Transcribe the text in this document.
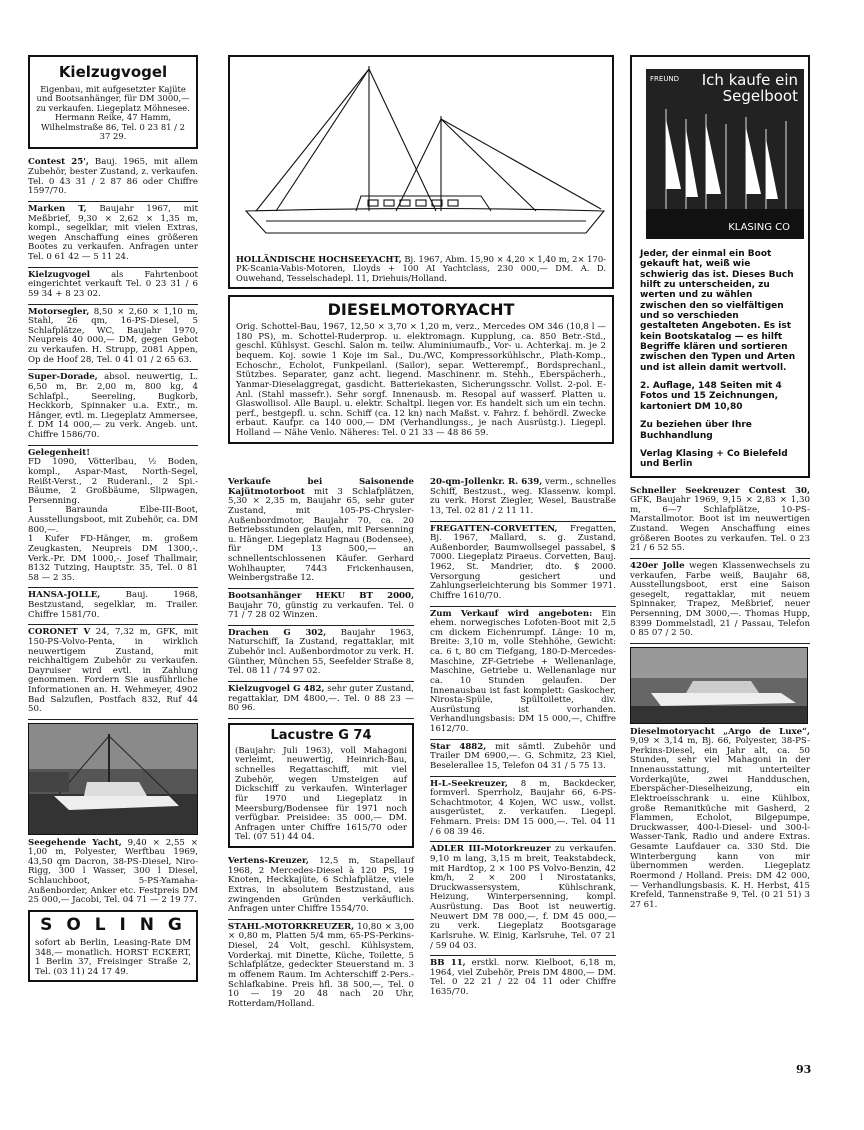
Kielzugvogel
Eigenbau, mit aufgesetzter Kajüte und Bootsanhänger, für DM 3000,— zu verkaufen. Liegeplatz Möhnesee. Hermann Reike, 47 Hamm, Wilhelmstraße 86, Tel. 0 23 81 / 2 37 29.

Contest 25', Bauj. 1965, mit allem Zubehör, bester Zustand, z. verkaufen. Tel. 0 43 31 / 2 87 86 oder Chiffre 1597/70.

Marken T, Baujahr 1967, mit Meßbrief, 9,30 × 2,62 × 1,35 m, kompl., segelklar, mit vielen Extras, wegen Anschaffung eines größeren Bootes zu verkaufen. Anfragen unter Tel. 0 61 42 — 5 11 24.

Kielzugvogel als Fahrtenboot eingerichtet verkauft Tel. 0 23 31 / 6 59 34 + 8 23 02.

Motorsegler, 8,50 × 2,60 × 1,10 m, Stahl, 26 qm, 16-PS-Diesel, 5 Schlafplätze, WC, Baujahr 1970, Neupreis 40 000,— DM, gegen Gebot zu verkaufen. H. Strupp, 2081 Appen, Op de Hoof 28, Tel. 0 41 01 / 2 65 63.

Super-Dorade, absol. neuwertig, L. 6,50 m, Br. 2,00 m, 800 kg, 4 Schlafpl., Seereling, Bugkorb, Heckkorb, Spinnaker u.a. Extr., m. Hänger, evtl. m. Liegeplatz Ammersee, f. DM 14 000,— zu verk. Angeb. unt. Chiffre 1586/70.

Gelegenheit!
FD 1090, Vötterlbau, ½ Boden, kompl., Aspar-Mast, North-Segel, Reißt-Verst., 2 Ruderanl., 2 Spi.-Bäume, 2 Großbäume, Slipwagen, Persenning.
1 Baraunda Elbe-III-Boot, Ausstellungsboot, mit Zubehör, ca. DM 800,—.
1 Kufer FD-Hänger, m. großem Zeugkasten, Neupreis DM 1300,-. Verk.-Pr. DM 1000,-. Josef Thallmair, 8132 Tutzing, Hauptstr. 35, Tel. 0 81 58 — 2 35.

HANSA-JOLLE,	Bauj. 1968, Bestzustand, segelklar, m. Trailer. Chiffre 1581/70.

CORONET V 24, 7,32 m, GFK, mit 150-PS-Volvo-Penta, in wirklich neuwertigem Zustand, mit reichhaltigem Zubehör zu verkaufen. Dayruiser wird evtl. in Zahlung genommen. Fordern Sie ausführliche Informationen an. H. Wehmeyer, 4902 Bad Salzuflen, Postfach 832, Ruf 44 50.

Seegehende Yacht, 9,40 × 2,55 × 1,00 m, Polyester, Werftbau 1969, 43,50 qm Dacron, 38-PS-Diesel, Niro-Rigg, 300 l Wasser, 300 l Diesel, Schlauchboot, 5-PS-Yamaha-Außenborder, Anker etc. Festpreis DM 25 000,— Jacobi, Tel. 04 71 — 2 19 77.
S O L I N G
sofort ab Berlin, Leasing-Rate DM 348,— monatlich. HORST ECKERT, 1 Berlin 37, Freisinger Straße 2, Tel. (03 11) 24 17 49.
HOLLÄNDISCHE HOCHSEEYACHT, Bj. 1967, Abm. 15,90 × 4,20 × 1,40 m, 2× 170-PK-Scania-Vabis-Motoren, Lloyds + 100 AI Yachtclass, 230 000,— DM. A. D. Ouwehand, Tesselschadepl. 11, Driehuis/Holland.
DIESELMOTORYACHT
Orig. Schottel-Bau, 1967, 12,50 × 3,70 × 1,20 m, verz., Mercedes OM 346 (10,8 l — 180 PS), m. Schottel-Ruderprop. u. elektromagn. Kupplung, ca. 850 Betr.-Std., geschl. Kühlsyst. Geschl. Salon m. teilw. Aluminiumaufb., Vor- u. Achterkaj. m. je 2 bequem. Koj. sowie 1 Koje im Sal., Du./WC, Kompressorkühlschr., Plath-Komp., Echoschr., Echolot, Funkpeilanl. (Sailor), separ. Wetterempf., Bordsprechanl., Stützbes. Separater, ganz acht. liegend. Maschinenr. m. Stehh., Eberspächerh., Yanmar-Dieselaggregat, gasdicht. Batteriekasten, Sicherungsschr. Vollst. 2-pol. E-Anl. (Stahl massefr.). Sehr sorgf. Innenausb. m. Resopal auf wasserf. Platten u. Glaswollisol. Alle Baupl. u. elektr. Schaltpl. liegen vor. Es handelt sich um ein techn. perf., bestgepfl. u. schn. Schiff (ca. 12 kn) nach Maßst. v. Fahrz. f. behördl. Zwecke erbaut. Kaufpr. ca 140 000,— DM (Verhandlungss., je nach Ausrüstg.). Liegepl. Holland — Nähe Venlo. Näheres: Tel. 0 21 33 — 48 86 59.

Verkaufe bei Saisonende Kajütmotorboot mit 3 Schlafplätzen, 5,30 × 2,35 m, Baujahr 65, sehr guter Zustand, mit 105-PS-Chrysler-Außenbordmotor, Baujahr 70, ca. 20 Betriebsstunden gelaufen, mit Persenning u. Hänger. Liegeplatz Hagnau (Bodensee), für DM 13 500,— an schnellentschlossenen Käufer. Gerhard Wohlhaupter, 7443 Frickenhausen, Weinbergstraße 12.

Bootsanhänger HEKU BT 2000, Baujahr 70, günstig zu verkaufen. Tel. 0 71 / 7 28 02 Winzen.

Drachen G 302, Baujahr 1963, Naturschiff, Ia Zustand, regattaklar, mit Zubehör incl. Außenbordmotor zu verk. H. Günther, München 55, Seefelder Straße 8, Tel. 08 11 / 74 97 02.

Kielzugvogel G 482, sehr guter Zustand, regattaklar, DM 4800,—. Tel. 0 88 23 — 80 96.

Lacustre G 74
(Baujahr: Juli 1963), voll Mahagoni verleimt, neuwertig, Heinrich-Bau, schnelles Regattaschiff, mit viel Zubehör, wegen Umsteigen auf Dickschiff zu verkaufen. Winterlager für 1970 und Liegeplatz in Meersburg/Bodensee für 1971 noch verfügbar. Preisidee: 35 000,— DM. Anfragen unter Chiffre 1615/70 oder Tel. (07 51) 44 04.

Vertens-Kreuzer, 12,5 m, Stapellauf 1968, 2 Mercedes-Diesel à 120 PS, 19 Knoten, Heckkajüte, 6 Schlafplätze, viele Extras, in absolutem Bestzustand, aus zwingenden Gründen verkäuflich. Anfragen unter Chiffre 1554/70.

STAHL-MOTORKREUZER, 10,80 × 3,00 × 0,80 m, Platten 5/4 mm, 65-PS-Perkins-Diesel, 24 Volt, geschl. Kühlsystem, Vorderkaj. mit Dinette, Küche, Toilette, 5 Schlafplätze, gedeckter Steuerstand m. 3 m offenem Raum. Im Achterschiff 2-Pers.-Schlafkabine. Preis hfl. 38 500,—, Tel. 0 10 — 19 20 48 nach 20 Uhr, Rotterdam/Holland.

20-qm-Jollenkr. R. 639, verm., schnelles Schiff, Bestzust., weg. Klassenw. kompl. zu verk. Horst Ziegler, Wesel, Baustraße 13, Tel. 02 81 / 2 11 11.

FREGATTEN-CORVETTEN, Fregatten, Bj. 1967, Mallard, s. g. Zustand, Außenborder, Baumwollsegel passabel, $ 7000. Liegeplatz Piraeus. Corvetten, Bauj. 1962, St. Mandrier, dto. $ 2000. Versorgung gesichert und Zahlungserleichterung bis Sommer 1971. Chiffre 1610/70.

Zum Verkauf wird angeboten: Ein ehem. norwegisches Lofoten-Boot mit 2,5 cm dickem Eichenrumpf. Länge: 10 m, Breite: 3,10 m, volle Stehhöhe, Gewicht: ca. 6 t, 80 cm Tiefgang, 180-D-Mercedes-Maschine, ZF-Getriebe + Wellenanlage, Maschine, Getriebe u. Wellenanlage nur ca. 10 Stunden gelaufen. Der Innenausbau ist fast komplett: Gaskocher, Nirosta-Spüle, Spültoilette, div. Ausrüstung ist vorhanden. Verhandlungsbasis: DM 15 000,—, Chiffre 1612/70.

Star 4882, mit sämtl. Zubehör und Trailer DM 6900,—. G. Schmitz, 23 Kiel, Beselerallee 15, Telefon 04 31 / 5 75 13.

H-L-Seekreuzer, 8 m, Backdecker, formverl. Sperrholz, Baujahr 66, 6-PS-Schachtmotor, 4 Kojen, WC usw., vollst. ausgerüstet, z. verkaufen. Liegepl. Fehmarn. Preis: DM 15 000,—. Tel. 04 11 / 6 08 39 46.

ADLER III-Motorkreuzer zu verkaufen. 9,10 m lang, 3,15 m breit, Teakstabdeck, mit Hardtop, 2 × 100 PS Volvo-Benzin, 42 km/h, 2 × 200 l Nirostatanks, Druckwassersystem, Kühlschrank, Heizung, Winterpersenning, kompl. Ausrüstung. Das Boot ist neuwertig. Neuwert DM 78 000,—, f. DM 45 000,— zu verk. Liegeplatz Bootsgarage Karlsruhe. W. Einig, Karlsruhe, Tel. 07 21 / 59 04 03.

BB 11, erstkl. norw. Kielboot, 6,18 m, 1964, viel Zubehör, Preis DM 4800,— DM. Tel. 0 22 21 / 22 04 11 oder Chiffre 1635/70.

FREUND	Ich kaufe ein Segelboot
KLASING CO
Jeder, der einmal ein Boot gekauft hat, weiß wie schwierig das ist. Dieses Buch hilft zu unterscheiden, zu werten und zu wählen zwischen den so vielfältigen und so verschieden gestalteten Angeboten. Es ist kein Bootskatalog — es hilft Begriffe klären und sortieren zwischen den Typen und Arten und ist allein damit wertvoll.
2. Auflage, 148 Seiten mit 4 Fotos und 15 Zeichnungen, kartoniert DM 10,80
Zu beziehen über Ihre Buchhandlung
Verlag Klasing + Co Bielefeld und Berlin

Schneller Seekreuzer Contest 30, GFK, Baujahr 1969, 9,15 × 2,83 × 1,30 m, 6—7 Schlafplätze, 10-PS-Marstallmotor. Boot ist im neuwertigen Zustand. Wegen Anschaffung eines größeren Bootes zu verkaufen. Tel. 0 23 21 / 6 52 55.

420er Jolle wegen Klassenwechsels zu verkaufen, Farbe weiß, Baujahr 68, Ausstellungsboot, erst eine Saison gesegelt, regattaklar, mit neuem Spinnaker, Trapez, Meßbrief, neuer Persenning, DM 3000,—. Thomas Hupp, 8399 Dommelstadl, 21 / Passau, Telefon 0 85 07 / 2 50.

Dieselmotoryacht „Argo de Luxe“, 9,09 × 3,14 m, Bj. 66, Polyester, 38-PS-Perkins-Diesel, ein Jahr alt, ca. 50 Stunden, sehr viel Mahagoni in der Innenausstattung, mit unterteilter Vorderkajüte, zwei Handduschen, Eberspächer-Dieselheizung, ein Elektroeisschrank u. eine Kühlbox, große Remanitküche mit Gasherd, 2 Flammen, Echolot, Bilgepumpe, Druckwasser, 400-l-Diesel- und 300-l-Wasser-Tank, Radio und andere Extras. Gesamte Laufdauer ca. 330 Std. Die Winterbergung kann von mir übernommen werden. Liegeplatz Roermond / Holland. Preis: DM 42 000,— Verhandlungsbasis. K. H. Herbst, 415 Krefeld, Tannenstraße 9, Tel. (0 21 51) 3 27 61.
93
